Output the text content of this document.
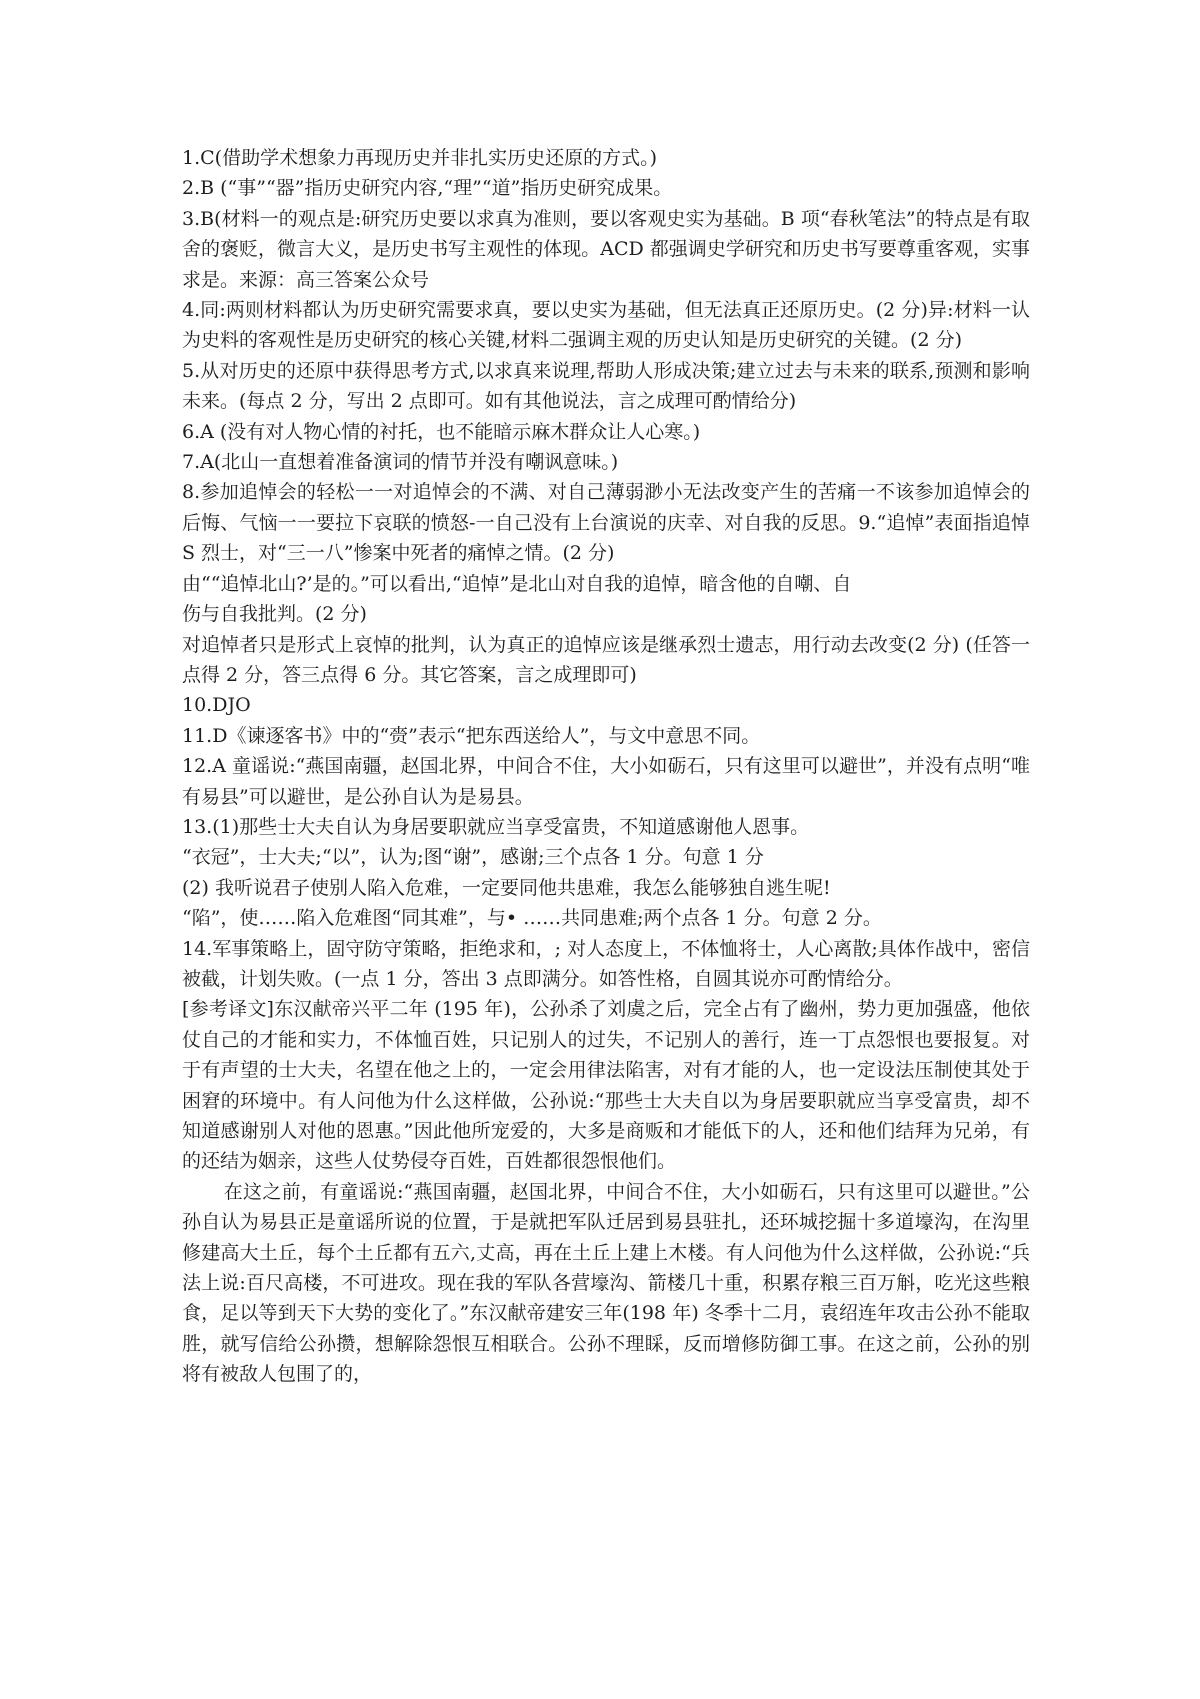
1.C(借助学术想象力再现历史并非扎实历史还原的方式。)

2.B (“事”“器”指历史研究内容,“理”“道”指历史研究成果。

3.B(材料一的观点是:研究历史要以求真为准则，要以客观史实为基础。B 项“春秋笔法”的特点是有取舍的褒贬，微言大义，是历史书写主观性的体现。ACD 都强调史学研究和历史书写要尊重客观，实事求是。来源：高三答案公众号

4.同:两则材料都认为历史研究需要求真，要以史实为基础，但无法真正还原历史。(2 分)异:材料一认为史料的客观性是历史研究的核心关键,材料二强调主观的历史认知是历史研究的关键。(2 分)

5.从对历史的还原中获得思考方式,以求真来说理,帮助人形成决策;建立过去与未来的联系,预测和影响未来。(每点 2 分，写出 2 点即可。如有其他说法，言之成理可酌情给分)

6.A (没有对人物心情的衬托，也不能暗示麻木群众让人心寒。)

7.A(北山一直想着准备演词的情节并没有嘲讽意味。)

8.参加追悼会的轻松一一对追悼会的不满、对自己薄弱渺小无法改变产生的苦痛一不该参加追悼会的后悔、气恼一一要拉下哀联的愤怒-一自己没有上台演说的庆幸、对自我的反思。9.“追悼”表面指追悼 S 烈士，对“三一八”惨案中死者的痛悼之情。(2 分)

由““追悼北山?’是的。”可以看出,“追悼”是北山对自我的追悼，暗含他的自嘲、自

伤与自我批判。(2 分)

对追悼者只是形式上哀悼的批判，认为真正的追悼应该是继承烈士遗志，用行动去改变(2 分) (任答一点得 2 分，答三点得 6 分。其它答案，言之成理即可)

10.DJO

11.D《谏逐客书》中的“赍”表示“把东西送给人”，与文中意思不同。

12.A 童谣说:“燕国南疆，赵国北界，中间合不住，大小如砺石，只有这里可以避世”，并没有点明“唯有易县”可以避世，是公孙自认为是易县。

13.(1)那些士大夫自认为身居要职就应当享受富贵，不知道感谢他人恩事。

“衣冠”，士大夫;“以”，认为;图“谢”，感谢;三个点各 1 分。句意 1 分

(2) 我听说君子使别人陷入危难，一定要同他共患难，我怎么能够独自逃生呢!

“陷”，使……陷入危难图“同其难”，与• ……共同患难;两个点各 1 分。句意 2 分。

14.军事策略上，固守防守策略，拒绝求和，; 对人态度上，不体恤将士，人心离散;具体作战中，密信被截，计划失败。(一点 1 分，答出 3 点即满分。如答性格，自圆其说亦可酌情给分。

[参考译文]东汉献帝兴平二年 (195 年)，公孙杀了刘虞之后，完全占有了幽州，势力更加强盛，他依仗自己的才能和实力，不体恤百姓，只记别人的过失，不记别人的善行，连一丁点怨恨也要报复。对于有声望的士大夫，名望在他之上的，一定会用律法陷害，对有才能的人，也一定设法压制使其处于困窘的环境中。有人问他为什么这样做，公孙说:“那些士大夫自以为身居要职就应当享受富贵，却不知道感谢别人对他的恩惠。”因此他所宠爱的，大多是商贩和才能低下的人，还和他们结拜为兄弟，有的还结为姻亲，这些人仗势侵夺百姓，百姓都很怨恨他们。

在这之前，有童谣说:“燕国南疆，赵国北界，中间合不住，大小如砺石，只有这里可以避世。”公孙自认为易县正是童谣所说的位置，于是就把军队迁居到易县驻扎，还环城挖掘十多道壕沟，在沟里修建高大土丘，每个土丘都有五六,丈高，再在土丘上建上木楼。有人问他为什么这样做，公孙说:“兵法上说:百尺高楼，不可进攻。现在我的军队各营壕沟、箭楼几十重，积累存粮三百万斛，吃光这些粮食，足以等到天下大势的变化了。”东汉献帝建安三年(198 年) 冬季十二月，袁绍连年攻击公孙不能取胜，就写信给公孙攒，想解除怨恨互相联合。公孙不理睬，反而增修防御工事。在这之前，公孙的别将有被敌人包围了的，
